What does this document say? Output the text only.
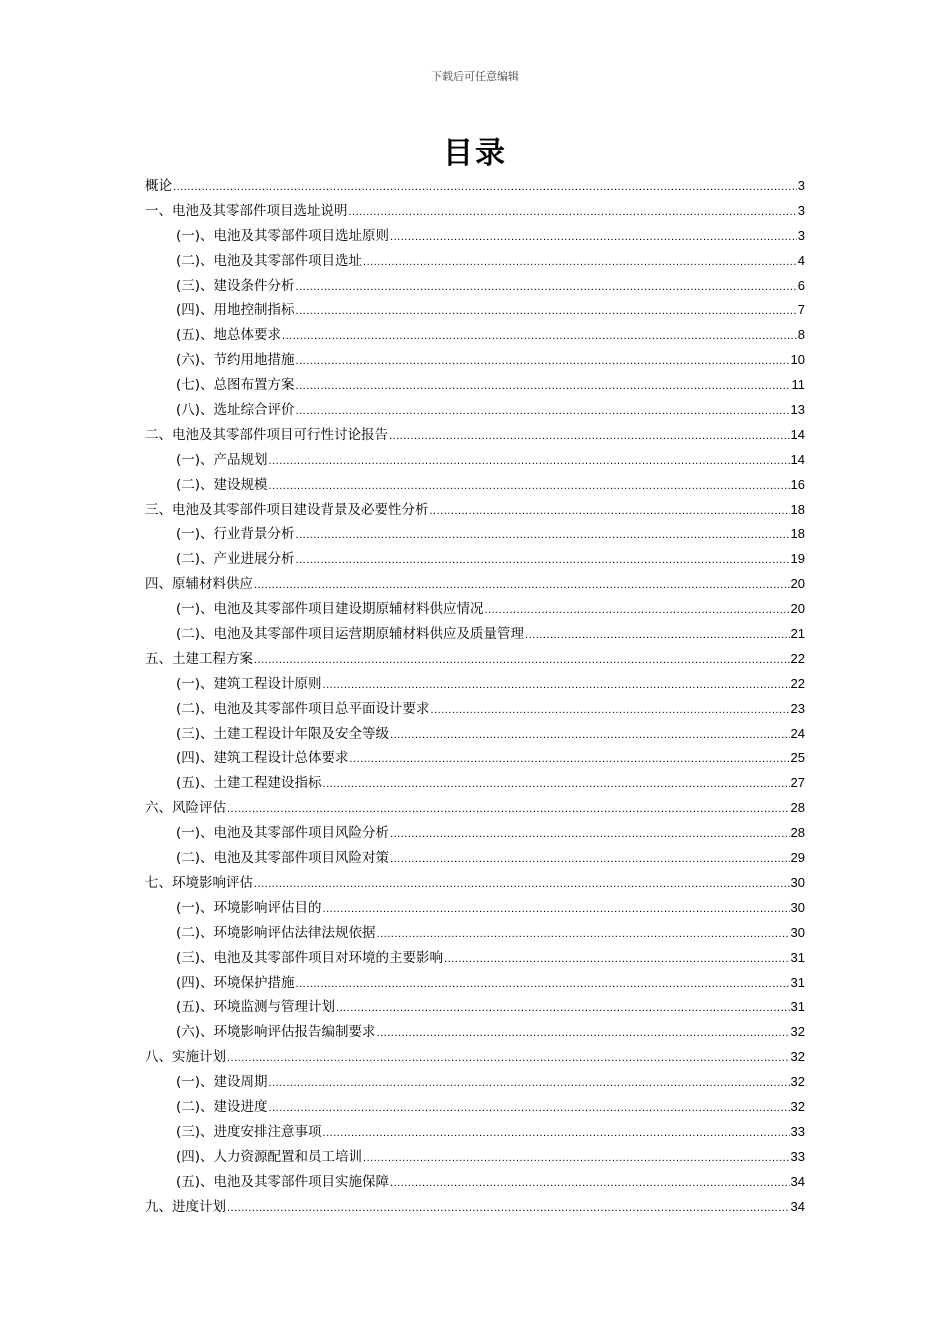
下载后可任意编辑
目录
概论 .....	3
一、电池及其零部件项目选址说明 .....	3
(一)、电池及其零部件项目选址原则 .....	3
(二)、电池及其零部件项目选址 .....	4
(三)、建设条件分析 .....	6
(四)、用地控制指标 .....	7
(五)、地总体要求 .....	8
(六)、节约用地措施 .....	10
(七)、总图布置方案 .....	11
(八)、选址综合评价 .....	13
二、电池及其零部件项目可行性讨论报告 .....	14
(一)、产品规划 .....	14
(二)、建设规模 .....	16
三、电池及其零部件项目建设背景及必要性分析 .....	18
(一)、行业背景分析 .....	18
(二)、产业进展分析 .....	19
四、原辅材料供应 .....	20
(一)、电池及其零部件项目建设期原辅材料供应情况 .....	20
(二)、电池及其零部件项目运营期原辅材料供应及质量管理 .....	21
五、土建工程方案 .....	22
(一)、建筑工程设计原则 .....	22
(二)、电池及其零部件项目总平面设计要求 .....	23
(三)、土建工程设计年限及安全等级 .....	24
(四)、建筑工程设计总体要求 .....	25
(五)、土建工程建设指标 .....	27
六、风险评估 .....	28
(一)、电池及其零部件项目风险分析 .....	28
(二)、电池及其零部件项目风险对策 .....	29
七、环境影响评估 .....	30
(一)、环境影响评估目的 .....	30
(二)、环境影响评估法律法规依据 .....	30
(三)、电池及其零部件项目对环境的主要影响 .....	31
(四)、环境保护措施 .....	31
(五)、环境监测与管理计划 .....	31
(六)、环境影响评估报告编制要求 .....	32
八、实施计划 .....	32
(一)、建设周期 .....	32
(二)、建设进度 .....	32
(三)、进度安排注意事项 .....	33
(四)、人力资源配置和员工培训 .....	33
(五)、电池及其零部件项目实施保障 .....	34
九、进度计划 .....	34
